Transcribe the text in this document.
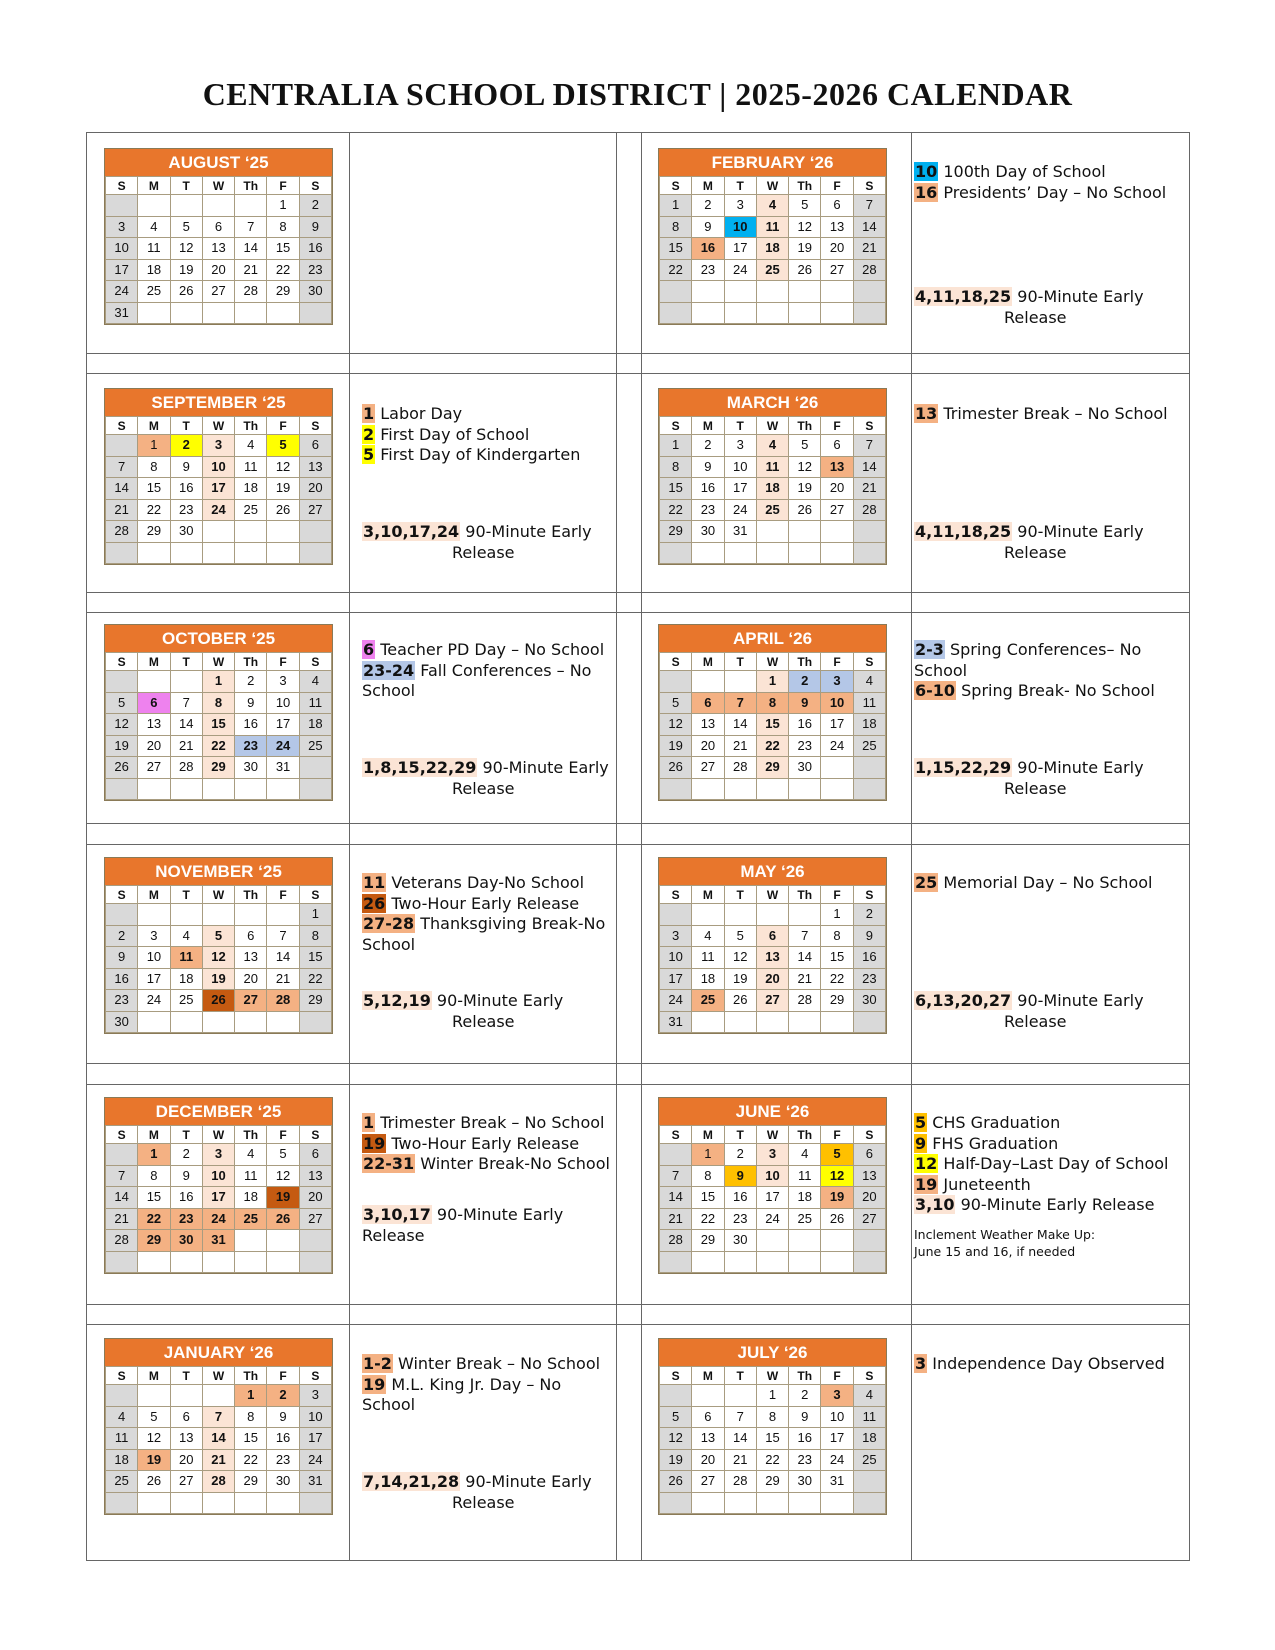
CENTRALIA SCHOOL DISTRICT | 2025-2026 CALENDAR
AUGUST ‘25
S	M	T	W	Th	F	S
					1	2
3	4	5	6	7	8	9
10	11	12	13	14	15	16
17	18	19	20	21	22	23
24	25	26	27	28	29	30
31						
SEPTEMBER ‘25
S	M	T	W	Th	F	S
	1	2	3	4	5	6
7	8	9	10	11	12	13
14	15	16	17	18	19	20
21	22	23	24	25	26	27
28	29	30				

1 Labor Day
2 First Day of School
5 First Day of Kindergarten
3,10,17,24 90-Minute Early
Release
OCTOBER ‘25
S	M	T	W	Th	F	S
			1	2	3	4
5	6	7	8	9	10	11
12	13	14	15	16	17	18
19	20	21	22	23	24	25
26	27	28	29	30	31	

6 Teacher PD Day – No School
23-24 Fall Conferences – No School
1,8,15,22,29 90-Minute Early
Release
NOVEMBER ‘25
S	M	T	W	Th	F	S
						1
2	3	4	5	6	7	8
9	10	11	12	13	14	15
16	17	18	19	20	21	22
23	24	25	26	27	28	29
30						
11 Veterans Day-No School
26 Two-Hour Early Release
27-28 Thanksgiving Break-No School
5,12,19 90-Minute Early
Release
DECEMBER ‘25
S	M	T	W	Th	F	S
	1	2	3	4	5	6
7	8	9	10	11	12	13
14	15	16	17	18	19	20
21	22	23	24	25	26	27
28	29	30	31			

1 Trimester Break – No School
19 Two-Hour Early Release
22-31 Winter Break-No School
3,10,17 90-Minute Early
Release
JANUARY ‘26
S	M	T	W	Th	F	S
				1	2	3
4	5	6	7	8	9	10
11	12	13	14	15	16	17
18	19	20	21	22	23	24
25	26	27	28	29	30	31

1-2 Winter Break – No School
19 M.L. King Jr. Day – No School
7,14,21,28 90-Minute Early
Release
FEBRUARY ‘26
S	M	T	W	Th	F	S
1	2	3	4	5	6	7
8	9	10	11	12	13	14
15	16	17	18	19	20	21
22	23	24	25	26	27	28

10 100th Day of School
16 Presidents’ Day – No School
4,11,18,25 90-Minute Early
Release
MARCH ‘26
S	M	T	W	Th	F	S
1	2	3	4	5	6	7
8	9	10	11	12	13	14
15	16	17	18	19	20	21
22	23	24	25	26	27	28
29	30	31				

13 Trimester Break – No School
4,11,18,25 90-Minute Early
Release
APRIL ‘26
S	M	T	W	Th	F	S
			1	2	3	4
5	6	7	8	9	10	11
12	13	14	15	16	17	18
19	20	21	22	23	24	25
26	27	28	29	30		

2-3 Spring Conferences– No School
6-10 Spring Break- No School
1,15,22,29 90-Minute Early
Release
MAY ‘26
S	M	T	W	Th	F	S
					1	2
3	4	5	6	7	8	9
10	11	12	13	14	15	16
17	18	19	20	21	22	23
24	25	26	27	28	29	30
31						
25 Memorial Day – No School
6,13,20,27 90-Minute Early
Release
JUNE ‘26
S	M	T	W	Th	F	S
	1	2	3	4	5	6
7	8	9	10	11	12	13
14	15	16	17	18	19	20
21	22	23	24	25	26	27
28	29	30				

5 CHS Graduation
9 FHS Graduation
12 Half-Day–Last Day of School
19 Juneteenth
3,10 90-Minute Early Release
Inclement Weather Make Up:
June 15 and 16, if needed
JULY ‘26
S	M	T	W	Th	F	S
			1	2	3	4
5	6	7	8	9	10	11
12	13	14	15	16	17	18
19	20	21	22	23	24	25
26	27	28	29	30	31	

3 Independence Day Observed
